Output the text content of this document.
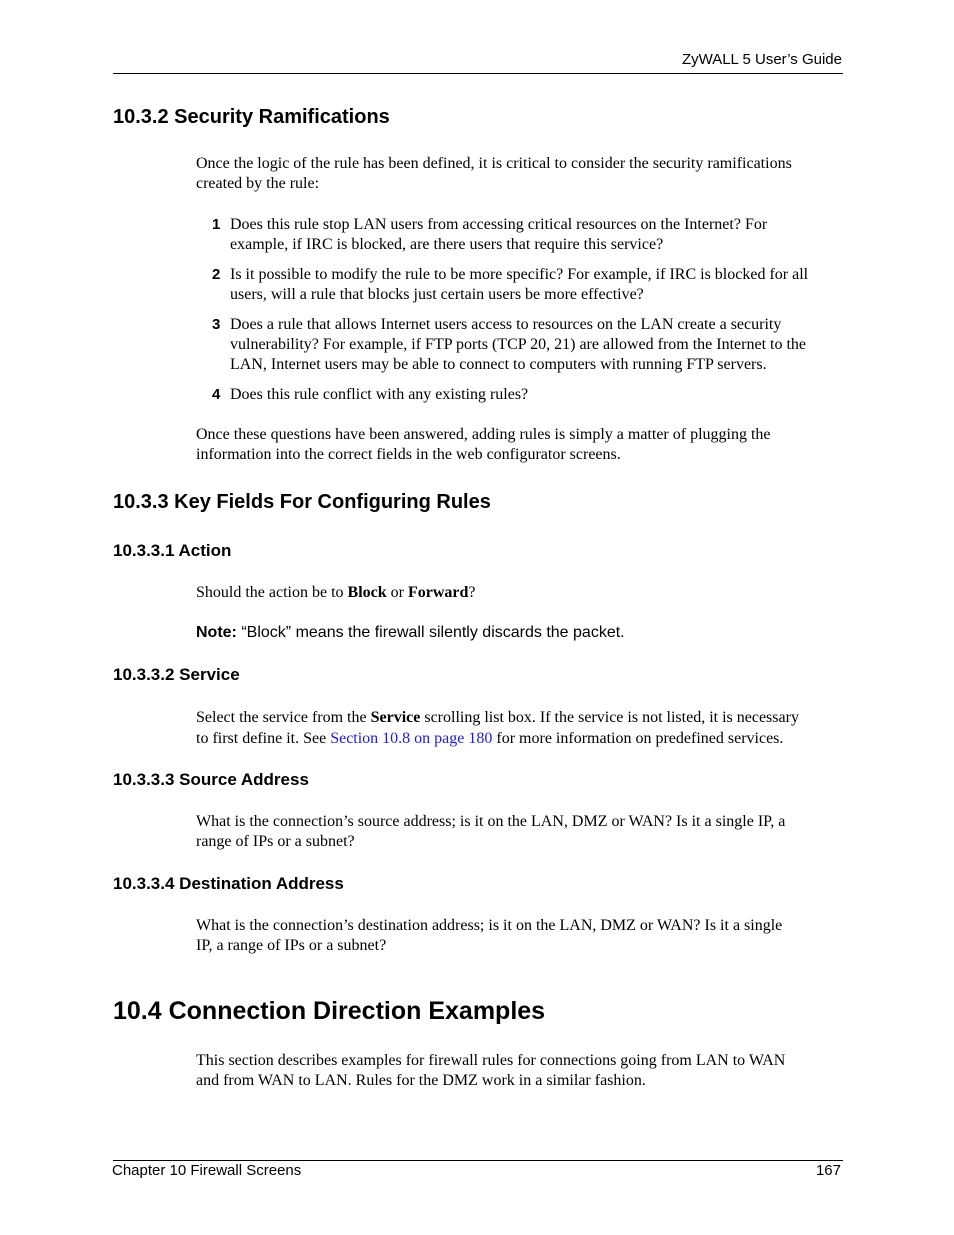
ZyWALL 5 User’s Guide
10.3.2 Security Ramifications
Once the logic of the rule has been defined, it is critical to consider the security ramifications
created by the rule:
1 Does this rule stop LAN users from accessing critical resources on the Internet? For
example, if IRC is blocked, are there users that require this service?
2 Is it possible to modify the rule to be more specific? For example, if IRC is blocked for all
users, will a rule that blocks just certain users be more effective?
3 Does a rule that allows Internet users access to resources on the LAN create a security
vulnerability? For example, if FTP ports (TCP 20, 21) are allowed from the Internet to the
LAN, Internet users may be able to connect to computers with running FTP servers.
4 Does this rule conflict with any existing rules?
Once these questions have been answered, adding rules is simply a matter of plugging the
information into the correct fields in the web configurator screens.
10.3.3 Key Fields For Configuring Rules
10.3.3.1 Action
Should the action be to Block or Forward?
Note: “Block” means the firewall silently discards the packet.
10.3.3.2 Service
Select the service from the Service scrolling list box. If the service is not listed, it is necessary
to first define it. See Section 10.8 on page 180 for more information on predefined services.
10.3.3.3 Source Address
What is the connection’s source address; is it on the LAN, DMZ or WAN? Is it a single IP, a
range of IPs or a subnet?
10.3.3.4 Destination Address
What is the connection’s destination address; is it on the LAN, DMZ or WAN? Is it a single
IP, a range of IPs or a subnet?
10.4 Connection Direction Examples
This section describes examples for firewall rules for connections going from LAN to WAN
and from WAN to LAN. Rules for the DMZ work in a similar fashion.
Chapter 10 Firewall Screens	167
